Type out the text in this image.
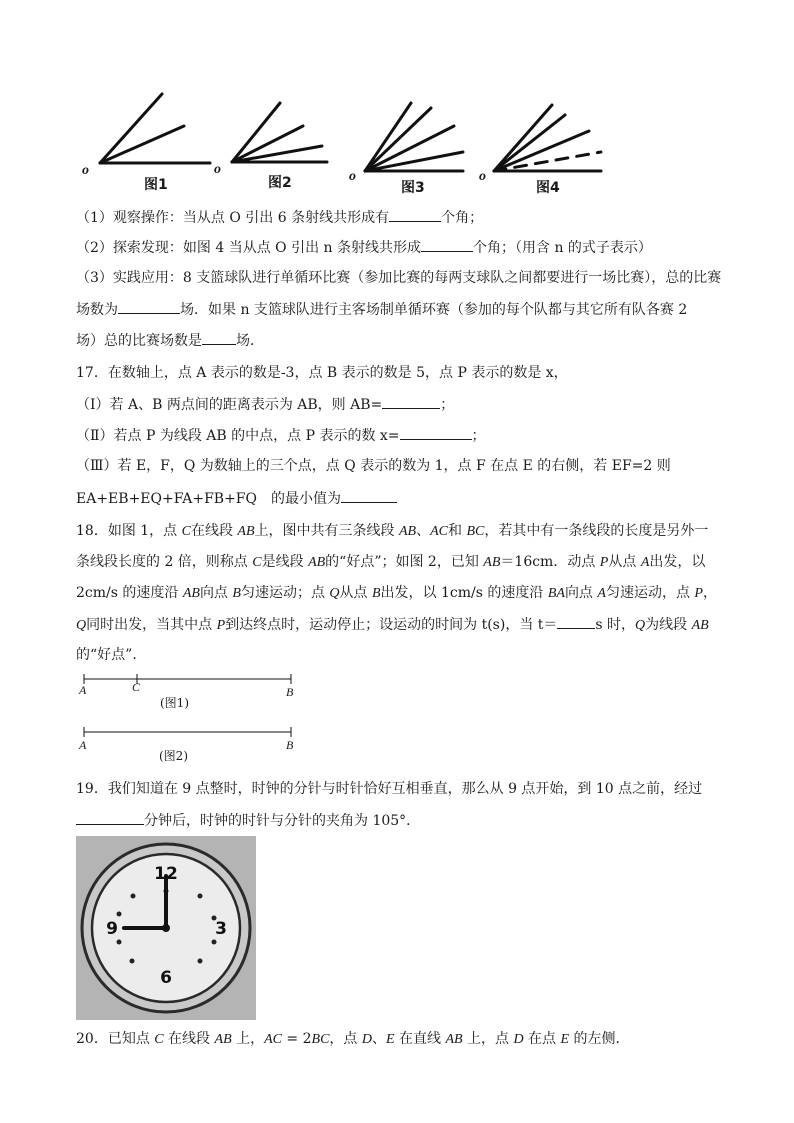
o
图1
o
图2	o
图3
o
图4
（1）观察操作：当从点 O 引出 6 条射线共形成有	个角；
（2）探索发现：如图 4 当从点 O 引出 n 条射线共形成	个角；（用含 n 的式子表示）
（3）实践应用：8 支篮球队进行单循环比赛（参加比赛的每两支球队之间都要进行一场比赛），总的比赛
场数为	场．如果 n 支篮球队进行主客场制单循环赛（参加的每个队都与其它所有队各赛 2
场）总的比赛场数是 场．
17．在数轴上，点 A 表示的数是-3，点 B 表示的数是 5，点 P 表示的数是 x，
（Ⅰ）若 A、B 两点间的距离表示为 AB，则 AB=	；
（Ⅱ）若点 P 为线段 AB 的中点，点 P 表示的数 x=	；
（Ⅲ）若 E，F，Q 为数轴上的三个点，点 Q 表示的数为 1，点 F 在点 E 的右侧，若 EF=2 则
EA+EB+EQ+FA+FB+FQ　的最小值为
18．如图 1，点 C在线段 AB上，图中共有三条线段 AB、AC和 BC，若其中有一条线段的长度是另外一
条线段长度的 2 倍，则称点 C是线段 AB的“好点”；如图 2，已知 AB＝16cm．动点 P从点 A出发，以
2cm/s 的速度沿 AB向点 B匀速运动；点 Q从点 B出发，以 1cm/s 的速度沿 BA向点 A匀速运动，点 P，
Q同时出发，当其中点 P到达终点时，运动停止；设运动的时间为 t(s)，当 t＝	s 时，Q为线段 AB
的“好点”．
A	C	B
(图1)
A	B
(图2)
19．我们知道在 9 点整时，时钟的分针与时针恰好互相垂直，那么从 9 点开始，到 10 点之前，经过
分钟后，时钟的时针与分针的夹角为 105°．
12
3
6
9
20．已知点 C 在线段 AB 上，AC = 2BC，点 D、E 在直线 AB 上，点 D 在点 E 的左侧．
